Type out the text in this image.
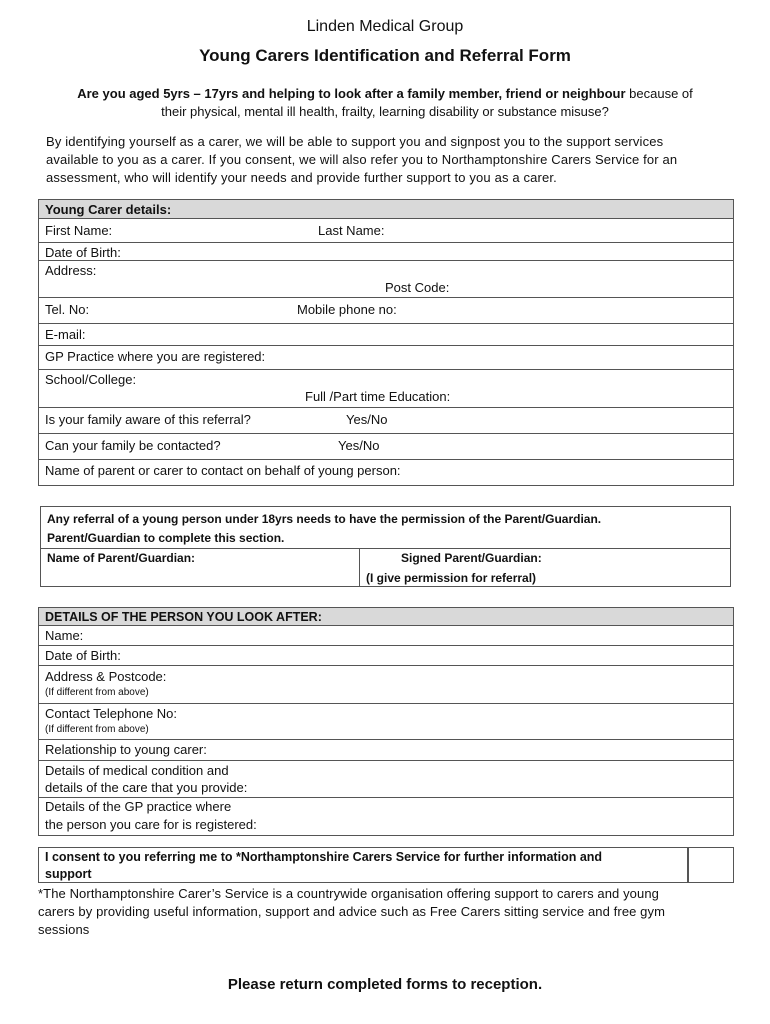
Linden Medical Group
Young Carers Identification and Referral Form
Are you aged 5yrs – 17yrs and helping to look after a family member, friend or neighbour because of
their physical, mental ill health, frailty, learning disability or substance misuse?
By identifying yourself as a carer, we will be able to support you and signpost you to the support services
available to you as a carer. If you consent, we will also refer you to Northamptonshire Carers Service for an
assessment, who will identify your needs and provide further support to you as a carer.
Young Carer details:
First Name:	Last Name:
Date of Birth:
Address:
Post Code:
Tel. No:	Mobile phone no:
E-mail:
GP Practice where you are registered:
School/College:
Full /Part time Education:
Is your family aware of this referral?	Yes/No
Can your family be contacted?	Yes/No
Name of parent or carer to contact on behalf of young person:
Any referral of a young person under 18yrs needs to have the permission of the Parent/Guardian.
Parent/Guardian to complete this section.
Name of Parent/Guardian:	Signed Parent/Guardian:
(I give permission for referral)
DETAILS OF THE PERSON YOU LOOK AFTER:
Name:
Date of Birth:
Address & Postcode:
(If different from above)
Contact Telephone No:
(If different from above)
Relationship to young carer:
Details of medical condition and
details of the care that you provide:
Details of the GP practice where
the person you care for is registered:
I consent to you referring me to *Northamptonshire Carers Service for further information and
support
*The Northamptonshire Carer’s Service is a countrywide organisation offering support to carers and young
carers by providing useful information, support and advice such as Free Carers sitting service and free gym
sessions
Please return completed forms to reception.
